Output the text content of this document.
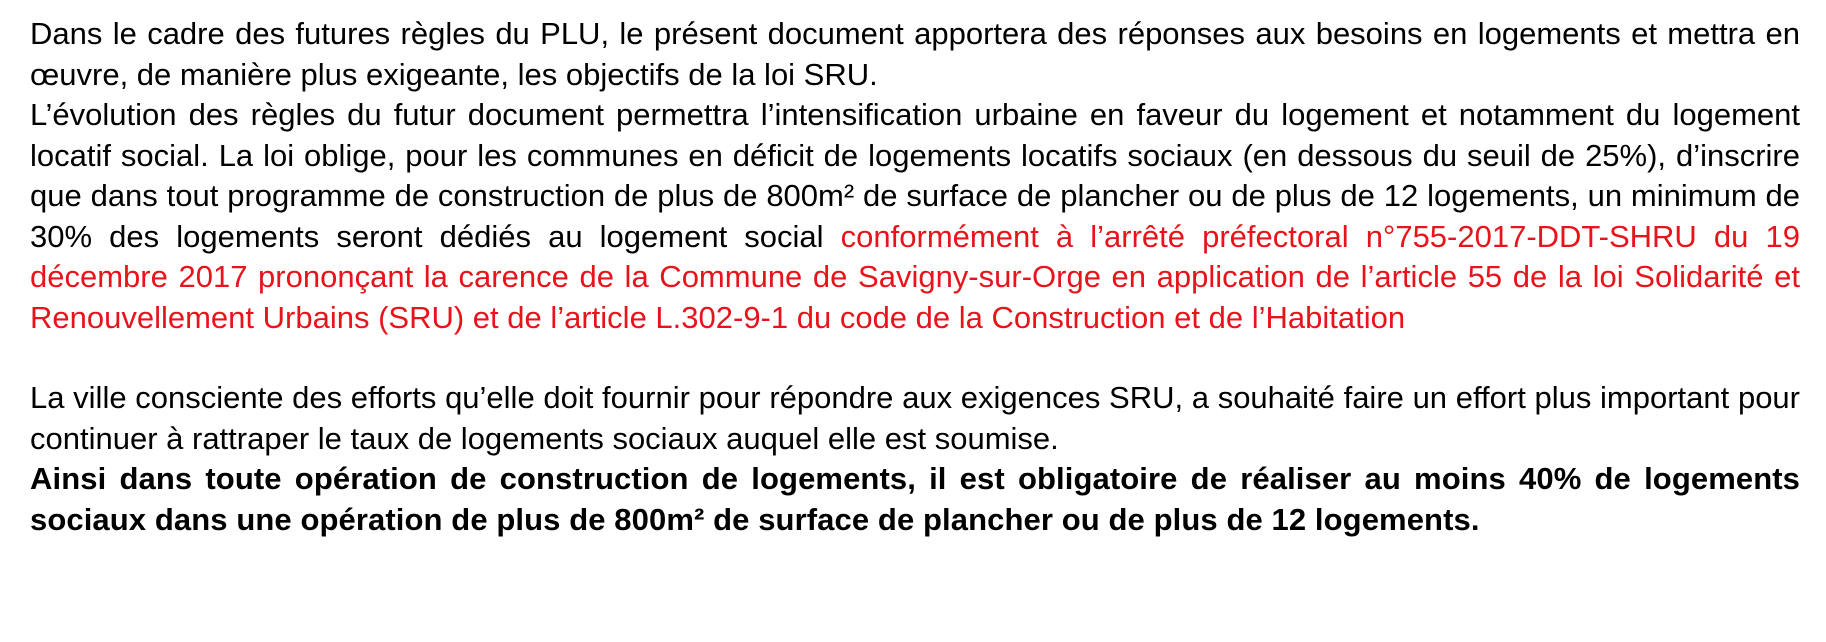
Dans le cadre des futures règles du PLU, le présent document apportera des réponses aux besoins en logements et mettra en œuvre, de manière plus exigeante, les objectifs de la loi SRU.

L’évolution des règles du futur document permettra l’intensification urbaine en faveur du logement et notamment du logement locatif social. La loi oblige, pour les communes en déficit de logements locatifs sociaux (en dessous du seuil de 25%), d’inscrire que dans tout programme de construction de plus de 800m² de surface de plancher ou de plus de 12 logements, un minimum de 30% des logements seront dédiés au logement social conformément à l’arrêté préfectoral n°755-2017-DDT-SHRU du 19 décembre 2017 prononçant la carence de la Commune de Savigny-sur-Orge en application de l’article 55 de la loi Solidarité et Renouvellement Urbains (SRU) et de l’article L.302-9-1 du code de la Construction et de l’Habitation

La ville consciente des efforts qu’elle doit fournir pour répondre aux exigences SRU, a souhaité faire un effort plus important pour continuer à rattraper le taux de logements sociaux auquel elle est soumise.

Ainsi dans toute opération de construction de logements, il est obligatoire de réaliser au moins 40% de logements sociaux dans une opération de plus de 800m² de surface de plancher ou de plus de 12 logements.
